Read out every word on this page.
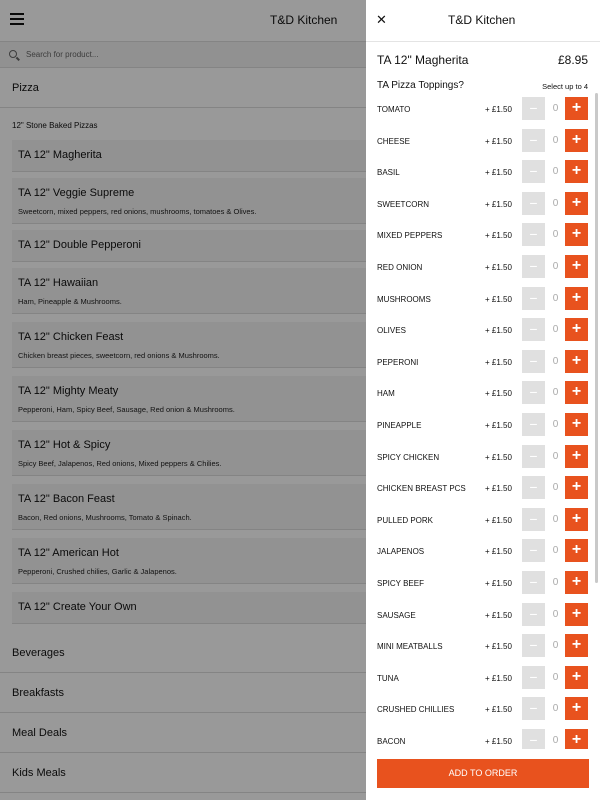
T&D Kitchen
Search for product...
Pizza
12" Stone Baked Pizzas
TA 12" Magherita
TA 12" Veggie Supreme
Sweetcorn, mixed peppers, red onions, mushrooms, tomatoes & Olives.
TA 12" Double Pepperoni
TA 12" Hawaiian
Ham, Pineapple & Mushrooms.
TA 12" Chicken Feast
Chicken breast pieces, sweetcorn, red onions & Mushrooms.
TA 12" Mighty Meaty
Pepperoni, Ham, Spicy Beef, Sausage, Red onion & Mushrooms.
TA 12" Hot & Spicy
Spicy Beef, Jalapenos, Red onions, Mixed peppers & Chilies.
TA 12" Bacon Feast
Bacon, Red onions, Mushrooms, Tomato & Spinach.
TA 12" American Hot
Pepperoni, Crushed chilies, Garlic & Jalapenos.
TA 12" Create Your Own
Beverages
Breakfasts
Meal Deals
Kids Meals
✕	T&D Kitchen
TA 12" Magherita	£8.95
TA Pizza Toppings?	Select up to 4
TOMATO	+ £1.50	−	0 +
CHEESE	+ £1.50	−	0 +
BASIL	+ £1.50	−	0 +
SWEETCORN	+ £1.50	−	0 +
MIXED PEPPERS	+ £1.50	−	0 +
RED ONION	+ £1.50	−	0 +
MUSHROOMS	+ £1.50	−	0 +
OLIVES	+ £1.50	−	0 +
PEPERONI	+ £1.50	−	0 +
HAM	+ £1.50	−	0 +
PINEAPPLE	+ £1.50	−	0 +
SPICY CHICKEN	+ £1.50	−	0 +
CHICKEN BREAST PCS + £1.50	−	0 +
PULLED PORK	+ £1.50	−	0 +
JALAPENOS	+ £1.50	−	0 +
SPICY BEEF	+ £1.50	−	0 +
SAUSAGE	+ £1.50	−	0 +
MINI MEATBALLS	+ £1.50	−	0 +
TUNA	+ £1.50	−	0 +
CRUSHED CHILLIES	+ £1.50	−	0 +
BACON	+ £1.50	−	0 +
ADD TO ORDER
